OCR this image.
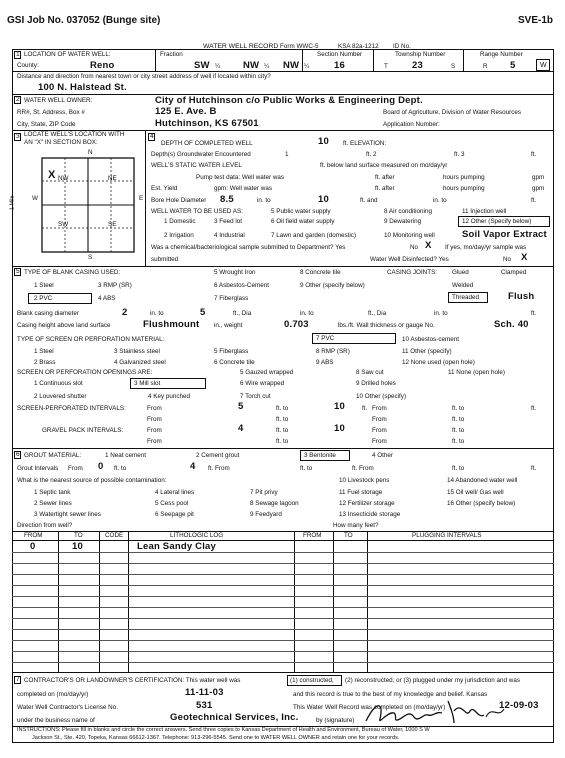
GSI Job No. 037052 (Bunge site)	SVE-1b
WATER WELL RECORD Form WWC-5	KSA 82a-1212 ID No.
1 LOCATION OF WATER WELL:	Fraction	Section Number	Township Number	Range Number
County:	Reno	SW ¼ NW ¼ NW ¼	16	T	23	S	R 5	W
Distance and direction from nearest town or city street address of well if located within city?
100 N. Halstead St.
2 WATER WELL OWNER:	City of Hutchinson c/o Public Works & Engineering Dept.
RR#, St. Address, Box #	125 E. Ave. B	Board of Agriculture, Division of Water Resources
City, State, ZIP Code	Hutchinson, KS 67501	Application Number:
3 LOCATE WELL'S LOCATION WITH
AN "X" IN SECTION BOX:
N
S
W	E
1 Mile
NW	NE
SW	SE
X
4
DEPTH OF COMPLETED WELL	10 ft. ELEVATION:
Depth(s) Groundwater Encountered	1	ft. 2	ft. 3	ft.
WELL'S STATIC WATER LEVEL	ft. below land surface measured on mo/day/yr
Pump test data: Well water was	ft. after	hours pumping	gpm
Est. Yield	gpm: Well water was	ft. after	hours pumping	gpm
Bore Hole Diameter 8.5	in. to	10	ft. and	in. to	ft.
WELL WATER TO BE USED AS:
1 Domestic	3 Feed lot
2 Irrigation	4 Industrial
5 Public water supply
6 Oil field water supply
7 Lawn and garden (domestic)
8 Air conditioning
9 Dewatering
10 Monitoring well
11 Injection well
12 Other (Specify below)
Soil Vapor Extract
Was a chemical/bacteriological sample submitted to Department? Yes	No X If yes, mo/day/yr sample was
submitted	Water Well Disinfected? Yes	No X
5 TYPE OF BLANK CASING USED:
1 Steel	3 RMP (SR)
2 PVC	4 ABS
5 Wrought Iron
6 Asbestos-Cement
7 Fiberglass
8 Concrete tile
9 Other (specify below)
CASING JOINTS: Glued	Clamped
Welded
Threaded	Flush
Blank casing diameter	2	in. to	5	ft., Dia	in. to	ft., Dia	in. to	ft.
Casing height above land surface	Flushmount in., weight	0.703	lbs./ft. Wall thickness or gauge No.	Sch. 40
TYPE OF SCREEN OR PERFORATION MATERIAL:
1 Steel
2 Brass
3 Stainless steel
4 Galvanized steel
5 Fiberglass
6 Concrete tile
7 PVC
8 RMP (SR)
9 ABS
10 Asbestos-cement
11 Other (specify)
12 None used (open hole)
SCREEN OR PERFORATION OPENINGS ARE:
1 Continuous slot
2 Louvered shutter
3 Mill slot
4 Key punched
5 Gauzed wrapped
6 Wire wrapped
7 Torch cut
8 Saw cut
9 Drilled holes
10 Other (specify)
11 None (open hole)
SCREEN-PERFORATED INTERVALS:	From	5	ft. to	10	From	ft. to
ft.	ft.
From	ft. to	From	ft. to
GRAVEL PACK INTERVALS:	From	4	ft. to	10	From	ft. to
From	ft. to	From	ft. to
6 GROUT MATERIAL:	1 Neat cement	2 Cement grout	3 Bentonite	4 Other
Grout Intervals From 0 ft. to	4 ft. From	ft. to	ft. From	ft. to	ft.
What is the nearest source of possible contamination:
1 Septic tank
2 Sewer lines
3 Watertight sewer lines
4 Lateral lines
5 Cess pool
6 Seepage pit
7 Pit privy
8 Sewage lagoon
9 Feedyard
10 Livestock pens
11 Fuel storage
12 Fertilizer storage
13 Insecticide storage
14 Abandoned water well
15 Oil well/ Gas well
16 Other (specify below)
Direction from well?	How many feet?
FROM	TO	CODE	LITHOLOGIC LOG	FROM	TO	PLUGGING INTERVALS
0	10	Lean Sandy Clay
7 CONTRACTOR'S OR LANDOWNER'S CERTIFICATION: This water well was	(1) constructed, (2) reconstructed, or (3) plugged under my jurisdiction and was
completed on (mo/day/yr)	11-11-03	and this record is true to the best of my knowledge and belief. Kansas
Water Well Contractor's License No.	531	This Water Well Record was completed on (mo/day/yr)	12-09-03
under the business name of	Geotechnical Services, Inc.	by (signature)
INSTRUCTIONS: Please fill in blanks and circle the correct answers. Send three copies to Kansas Department of Health and Environment, Bureau of Water, 1000 S W
Jackson St., Ste. 420, Topeka, Kansas 66612-1367. Telephone: 913-296-5545. Send one to WATER WELL OWNER and retain one for your records.
